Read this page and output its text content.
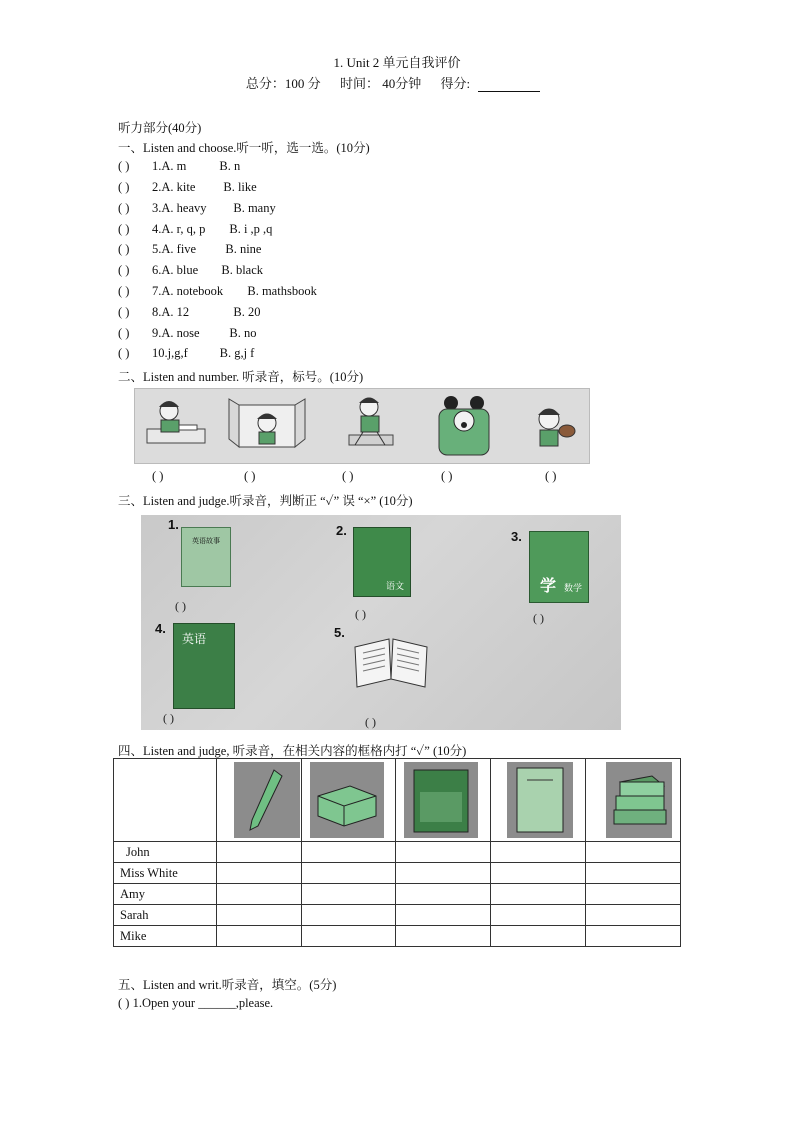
1. Unit 2 单元自我评价
总分：100 分 时间： 40分钟 得分:
听力部分(40分)
一、Listen and choose.听一听，选一选。(10分)
( ) 1.A. m	B. n
( ) 2.A. kite B. like
( ) 3.A. heavy B. many
( ) 4.A. r, q, p B. i ,p ,q
( ) 5.A. five B. nine
( ) 6.A. blue B. black
( ) 7.A. notebook B. mathsbook
( ) 8.A. 12	B. 20
( ) 9.A. nose B. no
( ) 10.j,g,f	B. g,j f
二、Listen and number. 听录音，标号。(10分)
( )	( )	( )	( )	( )
三、Listen and judge.听录音，判断正 “✓” 误 “×” (10分)
1.	2.	3.
4.	5.
英语故事
语文	学 数学
英语
( )
( )	( )
( )	( )
四、Listen and judge, 听录音，在相关内容的框格内打 “✓” (10分)

John					
Miss White					
Amy					
Sarah					
Mike					
五、Listen and writ.听录音，填空。(5分)
( ) 1.Open your ______,please.
